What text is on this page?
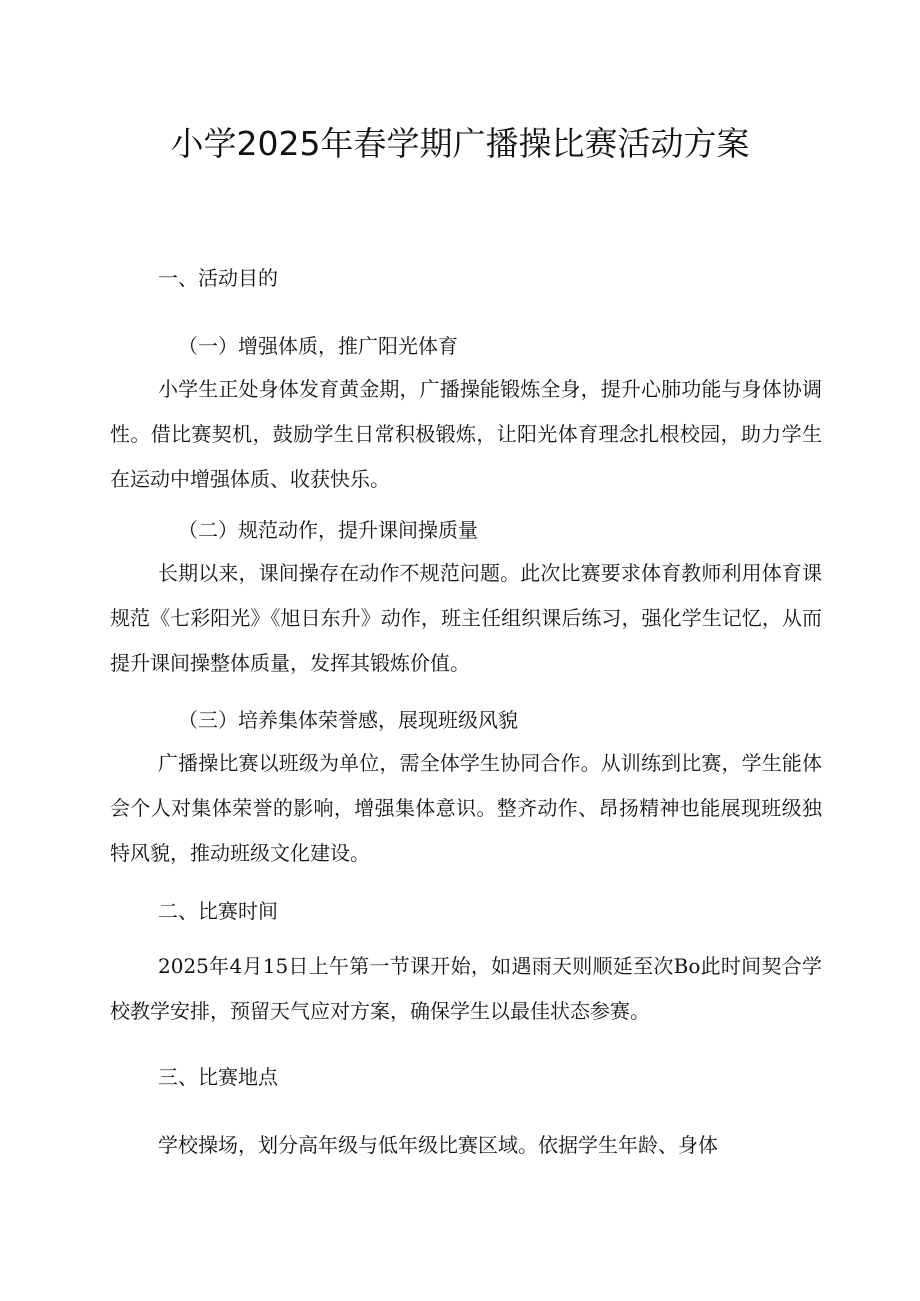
小学2025年春学期广播操比赛活动方案
一、活动目的
（一）增强体质，推广阳光体育

小学生正处身体发育黄金期，广播操能锻炼全身，提升心肺功能与身体协调性。借比赛契机，鼓励学生日常积极锻炼，让阳光体育理念扎根校园，助力学生在运动中增强体质、收获快乐。

（二）规范动作，提升课间操质量

长期以来，课间操存在动作不规范问题。此次比赛要求体育教师利用体育课规范《七彩阳光》《旭日东升》动作，班主任组织课后练习，强化学生记忆，从而提升课间操整体质量，发挥其锻炼价值。

（三）培养集体荣誉感，展现班级风貌

广播操比赛以班级为单位，需全体学生协同合作。从训练到比赛，学生能体会个人对集体荣誉的影响，增强集体意识。整齐动作、昂扬精神也能展现班级独特风貌，推动班级文化建设。

二、比赛时间

2025年4月15日上午第一节课开始，如遇雨天则顺延至次Bo此时间契合学校教学安排，预留天气应对方案，确保学生以最佳状态参赛。

三、比赛地点

学校操场，划分高年级与低年级比赛区域。依据学生年龄、身体
